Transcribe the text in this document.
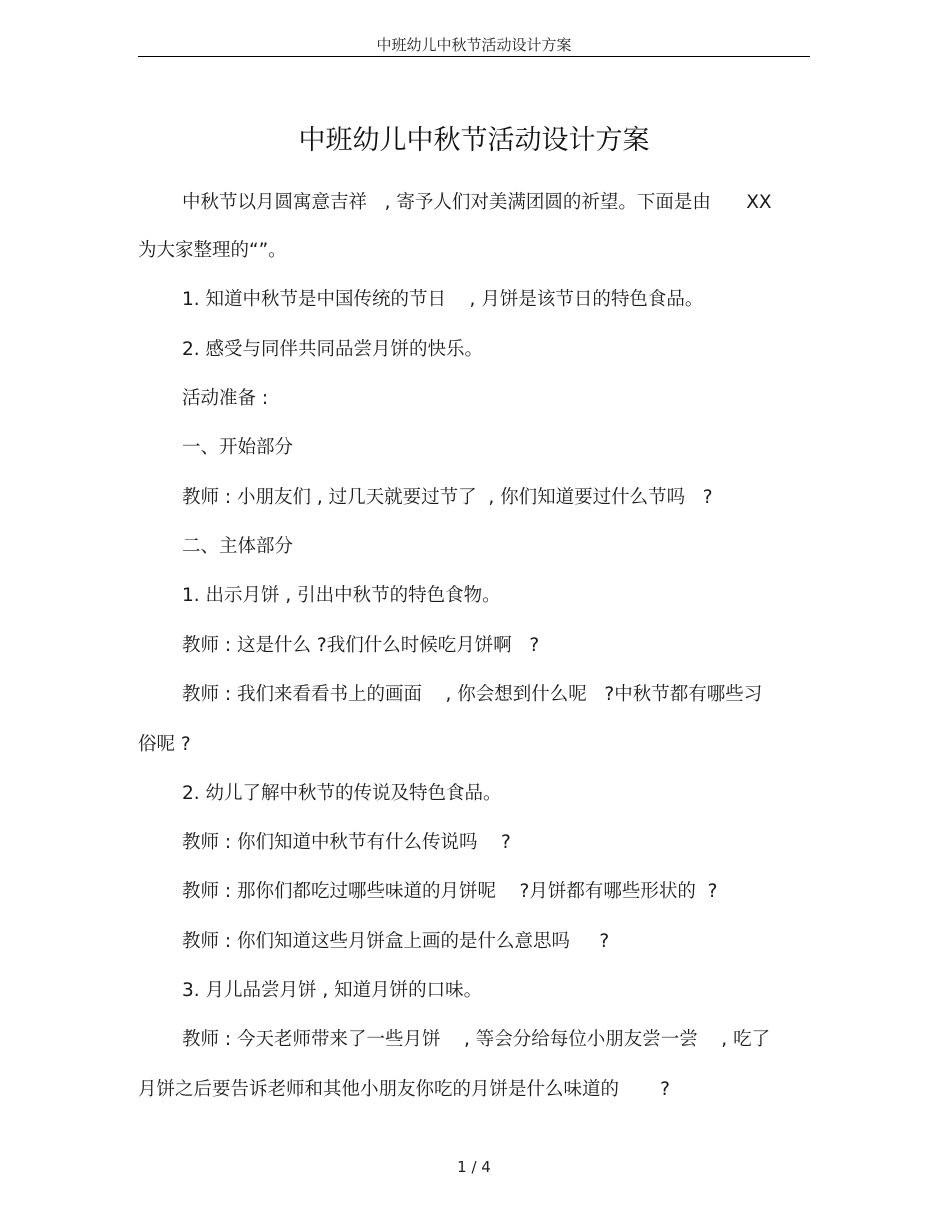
中班幼儿中秋节活动设计方案
中班幼儿中秋节活动设计方案
中秋节以月圆寓意吉祥   , 寄予人们对美满团圆的祈望。下面是由      XX
为大家整理的“”。
1. 知道中秋节是中国传统的节日    , 月饼是该节日的特色食品。
2. 感受与同伴共同品尝月饼的快乐。
活动准备 :
一、开始部分
教师 : 小朋友们 , 过几天就要过节了  , 你们知道要过什么节吗   ?
二、主体部分
1. 出示月饼 , 引出中秋节的特色食物。
教师 : 这是什么 ?我们什么时候吃月饼啊   ?
教师 : 我们来看看书上的画面    , 你会想到什么呢   ?中秋节都有哪些习
俗呢 ?
2. 幼儿了解中秋节的传说及特色食品。
教师 : 你们知道中秋节有什么传说吗    ?
教师 : 那你们都吃过哪些味道的月饼呢    ?月饼都有哪些形状的  ?
教师 : 你们知道这些月饼盒上画的是什么意思吗     ?
3. 月儿品尝月饼 , 知道月饼的口味。
教师 : 今天老师带来了一些月饼    , 等会分给每位小朋友尝一尝    , 吃了
月饼之后要告诉老师和其他小朋友你吃的月饼是什么味道的       ?
1 / 4
